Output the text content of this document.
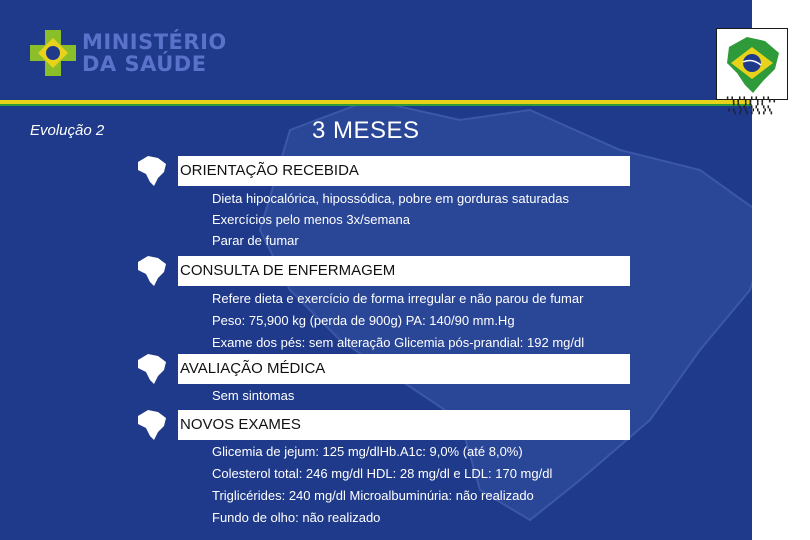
MINISTÉRIO
DA SAÚDE
▘▝▖▗▘▝▖▗▘▝▖▗▘▝▖▗ ▘▝▖▗▘▝▖▗▘▝▖▗ ▘▝▖▗▘▝▖▗▘▝▖▗▘▝▖
Evolução 2	3 MESES
ORIENTAÇÃO RECEBIDA
Dieta hipocalórica, hipossódica, pobre em gorduras saturadas
Exercícios pelo menos 3x/semana
Parar de fumar
CONSULTA DE ENFERMAGEM
Refere dieta e exercício de forma irregular e não parou de fumar
Peso: 75,900 kg (perda de 900g) PA: 140/90 mm.Hg
Exame dos pés: sem alteração Glicemia pós-prandial: 192 mg/dl
AVALIAÇÃO MÉDICA
Sem sintomas
NOVOS EXAMES
Glicemia de jejum: 125 mg/dlHb.A1c: 9,0% (até 8,0%)
Colesterol total: 246 mg/dl HDL: 28 mg/dl e LDL: 170 mg/dl
Triglicérides: 240 mg/dl Microalbuminúria: não realizado
Fundo de olho: não realizado
